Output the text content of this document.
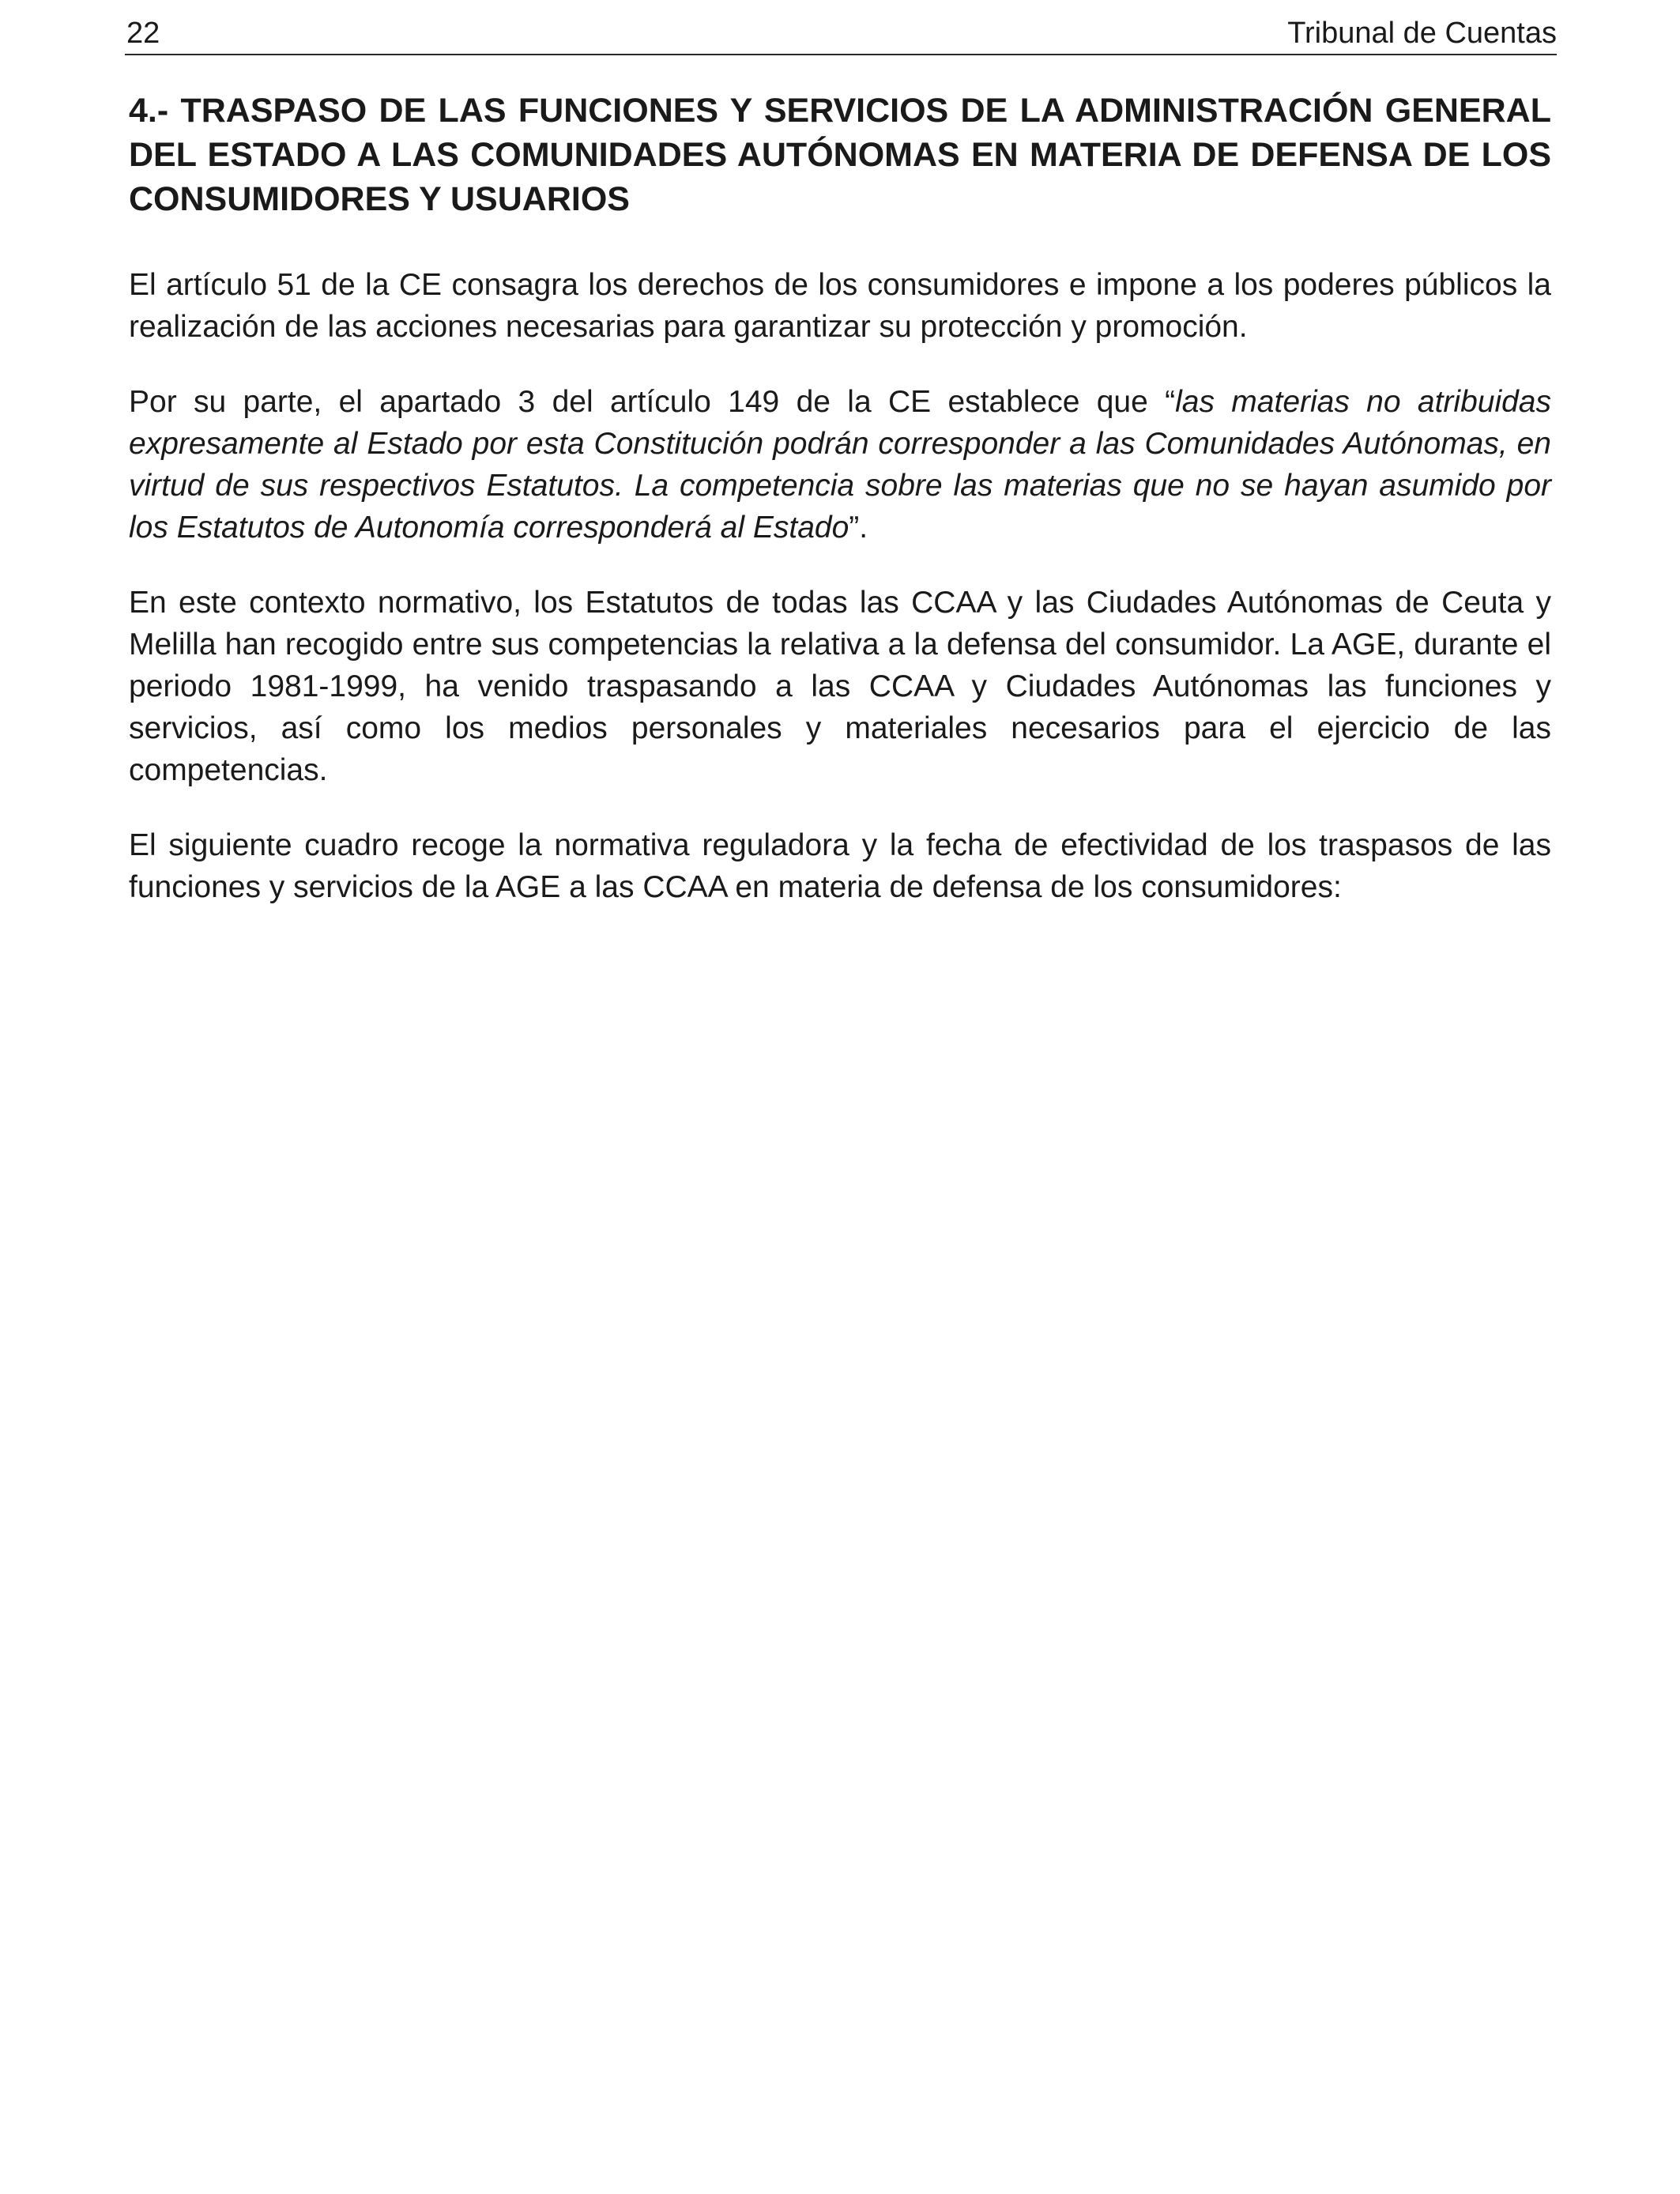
22	Tribunal de Cuentas
4.- TRASPASO DE LAS FUNCIONES Y SERVICIOS DE LA ADMINISTRACIÓN GENERAL DEL ESTADO A LAS COMUNIDADES AUTÓNOMAS EN MATERIA DE DEFENSA DE LOS CONSUMIDORES Y USUARIOS

El artículo 51 de la CE consagra los derechos de los consumidores e impone a los poderes públicos la realización de las acciones necesarias para garantizar su protección y promoción.

Por su parte, el apartado 3 del artículo 149 de la CE establece que “las materias no atribuidas expresamente al Estado por esta Constitución podrán corresponder a las Comunidades Autónomas, en virtud de sus respectivos Estatutos. La competencia sobre las materias que no se hayan asumido por los Estatutos de Autonomía corresponderá al Estado”.

En este contexto normativo, los Estatutos de todas las CCAA y las Ciudades Autónomas de Ceuta y Melilla han recogido entre sus competencias la relativa a la defensa del consumidor. La AGE, durante el periodo 1981-1999, ha venido traspasando a las CCAA y Ciudades Autónomas las funciones y servicios, así como los medios personales y materiales necesarios para el ejercicio de las competencias.

El siguiente cuadro recoge la normativa reguladora y la fecha de efectividad de los traspasos de las funciones y servicios de la AGE a las CCAA en materia de defensa de los consumidores:
